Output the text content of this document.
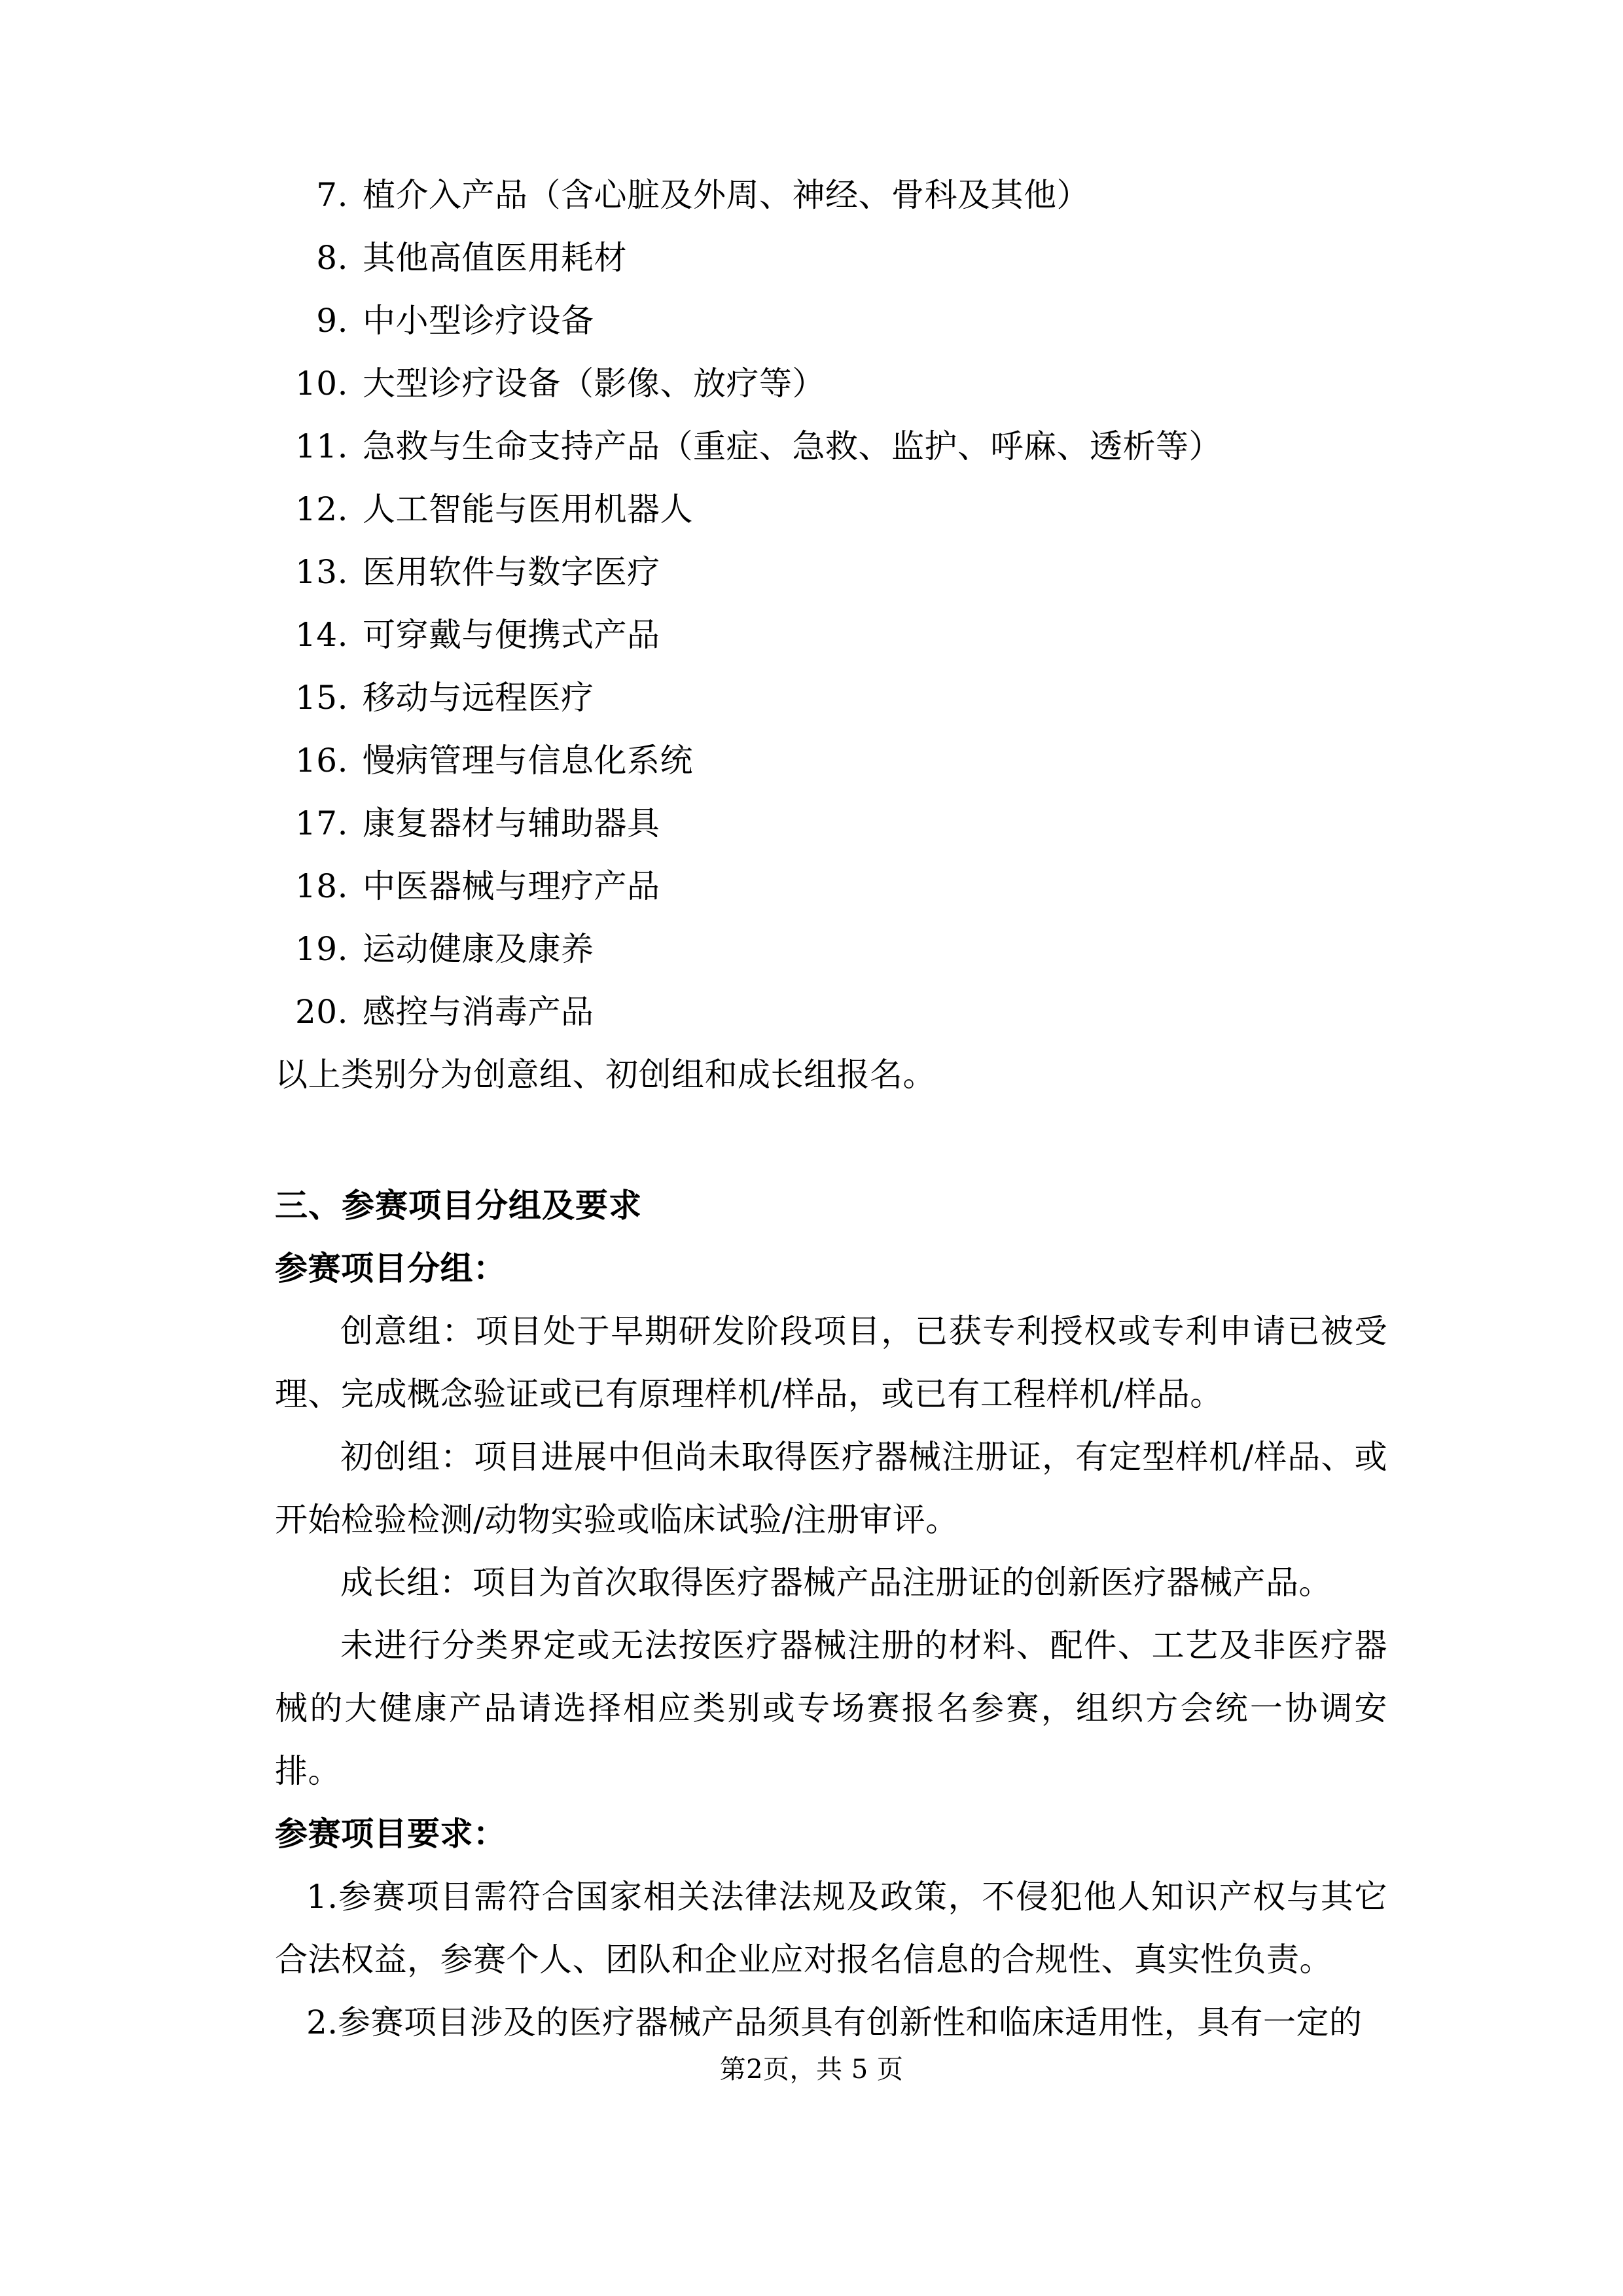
7. 植介入产品（含心脏及外周、神经、骨科及其他）
8. 其他高值医用耗材
9. 中小型诊疗设备
10. 大型诊疗设备（影像、放疗等）
11. 急救与生命支持产品（重症、急救、监护、呼麻、透析等）
12. 人工智能与医用机器人
13. 医用软件与数字医疗
14. 可穿戴与便携式产品
15. 移动与远程医疗
16. 慢病管理与信息化系统
17. 康复器材与辅助器具
18. 中医器械与理疗产品
19. 运动健康及康养
20. 感控与消毒产品
以上类别分为创意组、初创组和成长组报名。
三、参赛项目分组及要求
参赛项目分组：
创意组：项目处于早期研发阶段项目，已获专利授权或专利申请已被受理、完成概念验证或已有原理样机/样品，或已有工程样机/样品。
初创组：项目进展中但尚未取得医疗器械注册证，有定型样机/样品、或开始检验检测/动物实验或临床试验/注册审评。
成长组：项目为首次取得医疗器械产品注册证的创新医疗器械产品。
未进行分类界定或无法按医疗器械注册的材料、配件、工艺及非医疗器械的大健康产品请选择相应类别或专场赛报名参赛，组织方会统一协调安排。
参赛项目要求：
1.参赛项目需符合国家相关法律法规及政策，不侵犯他人知识产权与其它合法权益，参赛个人、团队和企业应对报名信息的合规性、真实性负责。
2.参赛项目涉及的医疗器械产品须具有创新性和临床适用性，具有一定的
第2页，共 5 页
